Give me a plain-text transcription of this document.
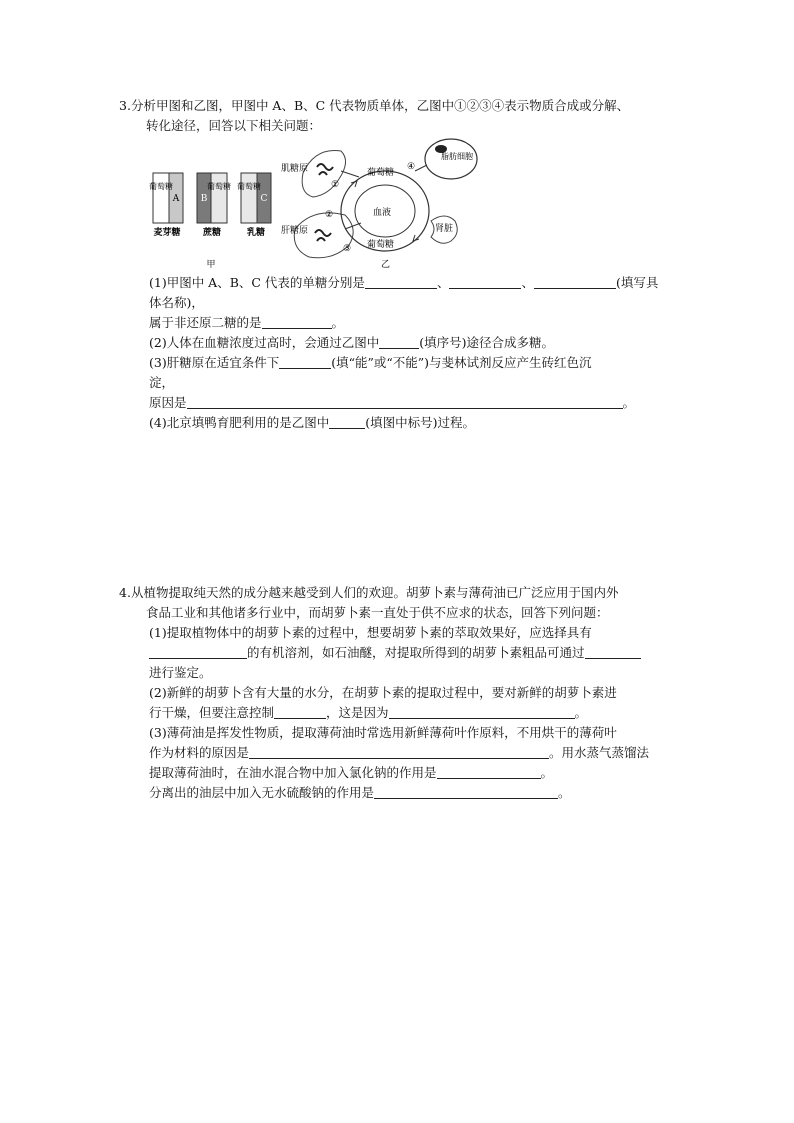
3.分析甲图和乙图，甲图中 A、B、C 代表物质单体，乙图中①②③④表示物质合成或分解、
转化途径，回答以下相关问题：
葡萄糖
A
麦芽糖
B
葡萄糖
蔗糖
葡萄糖
C
乳糖
甲
肌糖原
肝糖原
葡萄糖
葡萄糖
血液
脂肪细胞
肾脏
①
②
③
④
乙
(1)甲图中 A、B、C 代表的单糖分别是	、	、	(填写具
体名称)，
属于非还原二糖的是	。
(2)人体在血糖浓度过高时，会通过乙图中	(填序号)途径合成多糖。
(3)肝糖原在适宜条件下	(填“能”或“不能”)与斐林试剂反应产生砖红色沉
淀，
原因是	。
(4)北京填鸭育肥利用的是乙图中	(填图中标号)过程。
4.从植物提取纯天然的成分越来越受到人们的欢迎。胡萝卜素与薄荷油已广泛应用于国内外
食品工业和其他诸多行业中，而胡萝卜素一直处于供不应求的状态，回答下列问题：
(1)提取植物体中的胡萝卜素的过程中，想要胡萝卜素的萃取效果好，应选择具有
的有机溶剂，如石油醚，对提取所得到的胡萝卜素粗品可通过
进行鉴定。
(2)新鲜的胡萝卜含有大量的水分，在胡萝卜素的提取过程中，要对新鲜的胡萝卜素进
行干燥，但要注意控制	，这是因为	。
(3)薄荷油是挥发性物质，提取薄荷油时常选用新鲜薄荷叶作原料，不用烘干的薄荷叶
作为材料的原因是	。用水蒸气蒸馏法
提取薄荷油时，在油水混合物中加入氯化钠的作用是	。
分离出的油层中加入无水硫酸钠的作用是	。
